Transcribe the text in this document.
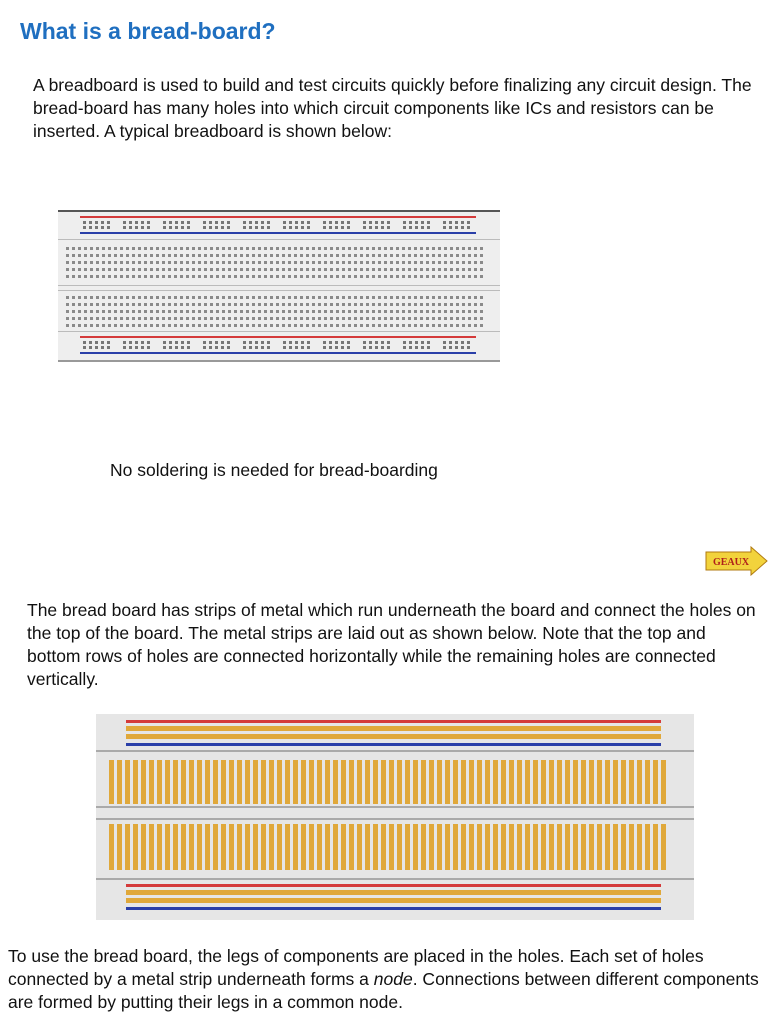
What is a bread-board?

A breadboard is used to build and test circuits quickly before finalizing any circuit design. The bread-board has many holes into which circuit components like ICs and resistors can be inserted. A typical breadboard is shown below:

No soldering is needed for bread-boarding

GEAUX

The bread board has strips of metal which run underneath the board and connect the holes on the top of the board. The metal strips are laid out as shown below. Note that the top and bottom rows of holes are connected horizontally while the remaining holes are connected vertically.

To use the bread board, the legs of components are placed in the holes. Each set of holes connected by a metal strip underneath forms a node. Connections between different components are formed by putting their legs in a common node.
